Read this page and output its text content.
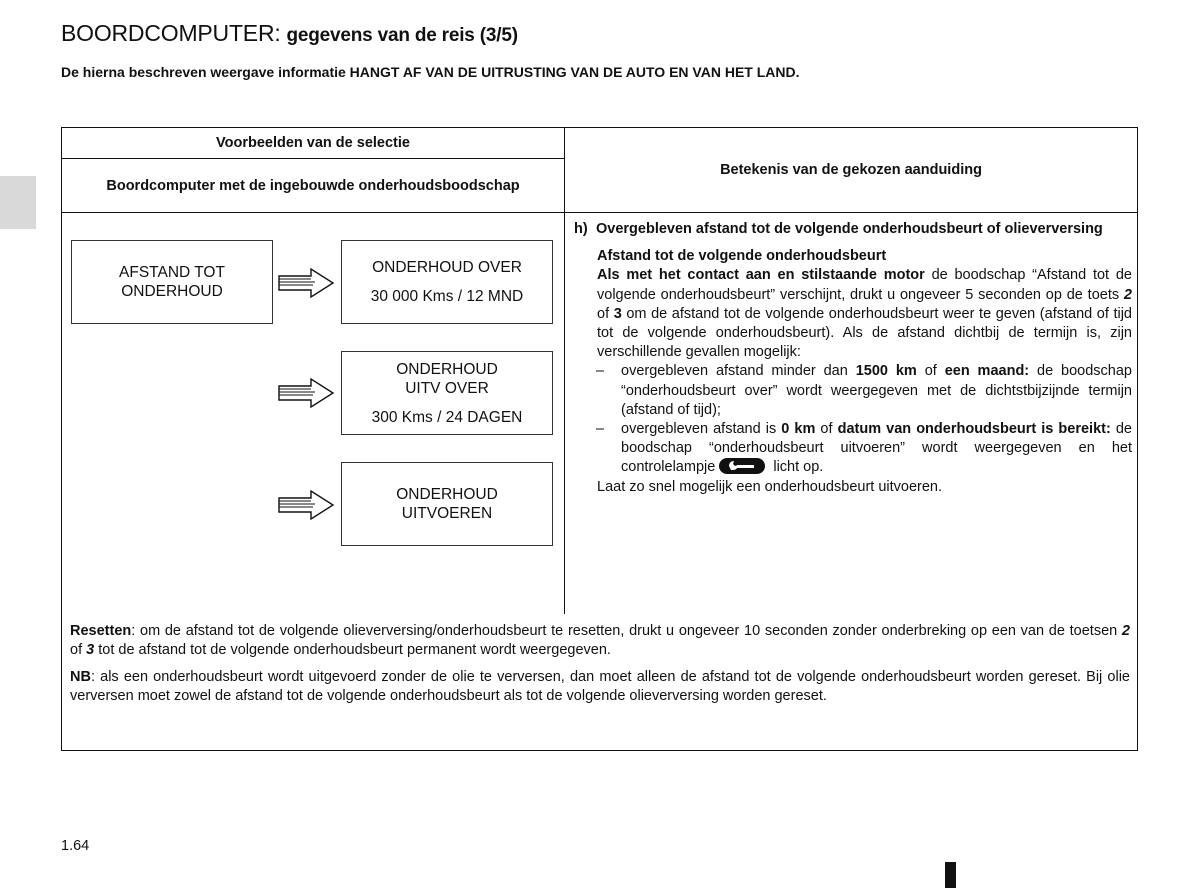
BOORDCOMPUTER: gegevens van de reis (3/5)
De hierna beschreven weergave informatie HANGT AF VAN DE UITRUSTING VAN DE AUTO EN VAN HET LAND.
Voorbeelden van de selectie
Boordcomputer met de ingebouwde onderhoudsboodschap
Betekenis van de gekozen aanduiding
AFSTAND TOT
ONDERHOUD
ONDERHOUD OVER
30 000 Kms / 12 MND
ONDERHOUD
UITV OVER
300 Kms / 24 DAGEN
ONDERHOUD
UITVOEREN
h) Overgebleven afstand tot de volgende onderhoudsbeurt of olieverversing
Afstand tot de volgende onderhoudsbeurt
Als met het contact aan en stilstaande motor de boodschap “Afstand tot de volgende onderhoudsbeurt” verschijnt, drukt u ongeveer 5 seconden op de toets 2 of 3 om de afstand tot de volgende onderhoudsbeurt weer te geven (afstand of tijd tot de volgende onderhoudsbeurt). Als de afstand dichtbij de termijn is, zijn verschillende gevallen mogelijk:
–	overgebleven afstand minder dan 1500 km of een maand: de boodschap “onderhoudsbeurt over” wordt weergegeven met de dichtstbijzijnde termijn (afstand of tijd);
–	overgebleven afstand is 0 km of datum van onderhoudsbeurt is bereikt: de boodschap “onderhoudsbeurt uitvoeren” wordt weergegeven en het controlelampje	licht op.
Laat zo snel mogelijk een onderhoudsbeurt uitvoeren.
Resetten: om de afstand tot de volgende olieverversing/onderhoudsbeurt te resetten, drukt u ongeveer 10 seconden zonder onderbreking op een van de toetsen 2 of 3 tot de afstand tot de volgende onderhoudsbeurt permanent wordt weergegeven.
NB: als een onderhoudsbeurt wordt uitgevoerd zonder de olie te verversen, dan moet alleen de afstand tot de volgende onderhoudsbeurt worden gereset. Bij olie verversen moet zowel de afstand tot de volgende onderhoudsbeurt als tot de volgende olieverversing worden gereset.
1.64
